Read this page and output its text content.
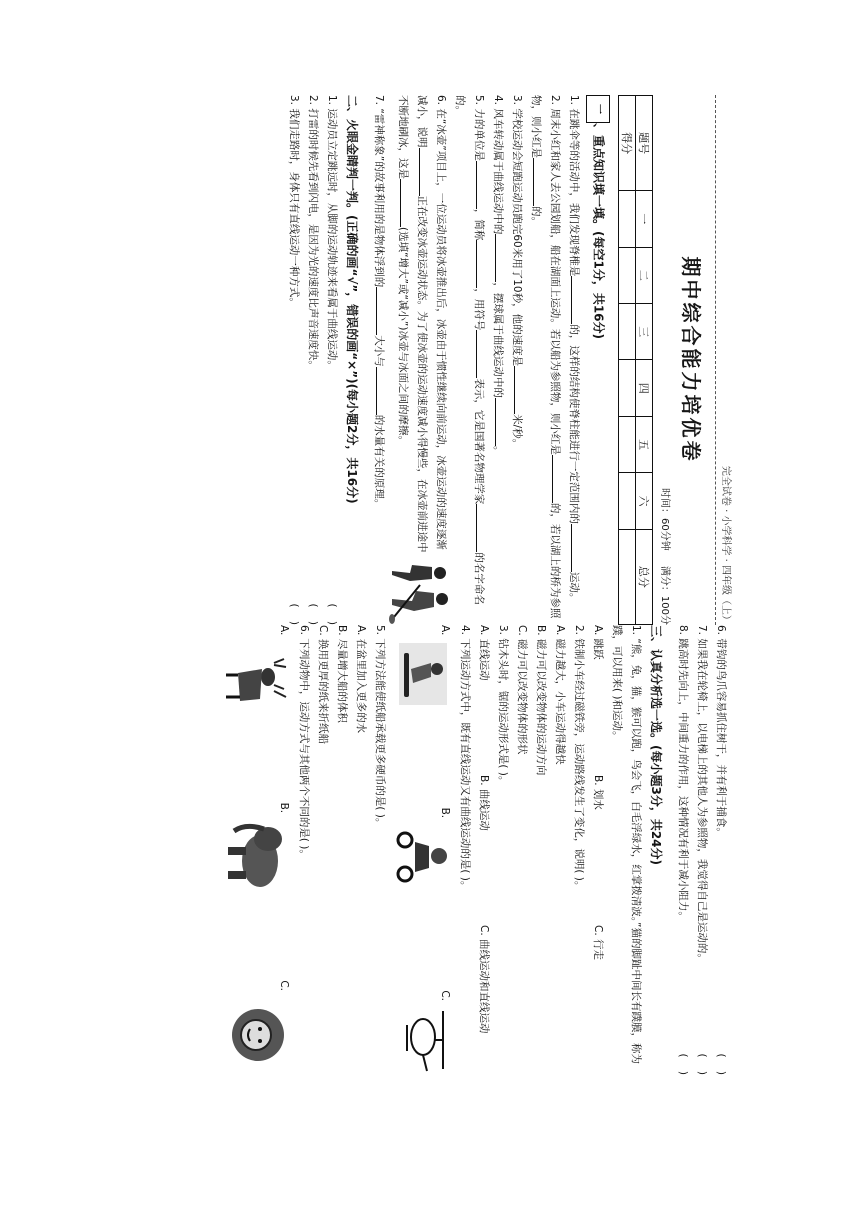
完全试卷 · 小学科学 · 四年级（上）
期中综合能力培优卷
时间：60分钟 满分：100分
题号	一	二	三	四	五	六	总分
得分							
一、重点知识填一填。(每空1分，共16分)

1. 在跳伞等的活动中，我们发现脊椎是的，这样的结构使脊柱能进行一定范围内的运动。

2. 周末小红和家人去公园划船，船在湖面上运动。若以船为参照物，则小红是的，若以湖上的桥为参照物，则小红是的。

3. 学校运动会短跑运动员跑完60米用了10秒，他的速度是米/秒。

4. 风车转动属于曲线运动中的，摆球属于曲线运动中的。

5. 力的单位是，简称，用符号表示，它是国著名物理学家的名字命名的。

6. 在“冰壶”项目上，一位运动员将冰壶推出后，冰壶由于惯性继续向前运动，冰壶运动的速度逐渐减小，说明正在改变冰壶运动状态。为了使冰壶的运动速度减小得慢些，在冰壶前进途中不断地刷冰，这是(选填“增大”或“减小”)冰壶与冰面之间的摩擦。

7. “雷神称象”的故事利用的是物体浮到的大小与的水量有关的原理。

二、火眼金睛判一判。(正确的画“√”，错误的画“×”)(每小题2分，共16分)
1. 运动员立定跳远时，从脚的运动轨迹来看属于曲线运动。
(    )
2. 打雷的时候先看到闪电，是因为光的速度比声音速度快。
(    )
3. 我们走路时，身体只有直线运动一种方式。
(    )
6. 带钩的鸟爪容易抓住树干，并有利于捕食。
(    )
7. 如果我在轮椅上，以电梯上的其他人为参照物，我觉得自己是运动的。
(    )
8. 跳高时先向上，中间重力的作用，这种情况有利于减小阻力。
(    )
三、认真分析选一选。(每小题3分，共24分)

1. “熊，兔，猫，猴可以跑，鸟会飞，白毛浮绿水，红掌拨清波。”猫的脚趾中间长有蹼膜，称为蹼，可以用来( )和运动。

A. 跳跃
B. 划水
C. 行走

2. 铁制小车经过磁铁旁，运动路线发生了变化，说明( )。

A. 磁力越大，小车运动得越快
B. 磁力可以改变物体的运动方向
C. 磁力可以改变物体的形状

3. 钻木头时，锯的运动形式是( )。

A. 直线运动
B. 曲线运动
C. 曲线运动和直线运动

4. 下列运动方式中，既有直线运动又有曲线运动的是( )。

A.
B.
C.

5. 下列方法能使纸船承载更多硬币的是( )。

A. 在盆里加入更多的水
B. 尽量增大船的体积
C. 换用更厚的纸来折纸船

6. 下列动物中，运动方式与其他两个不同的是( )。

A.
B.
C.
